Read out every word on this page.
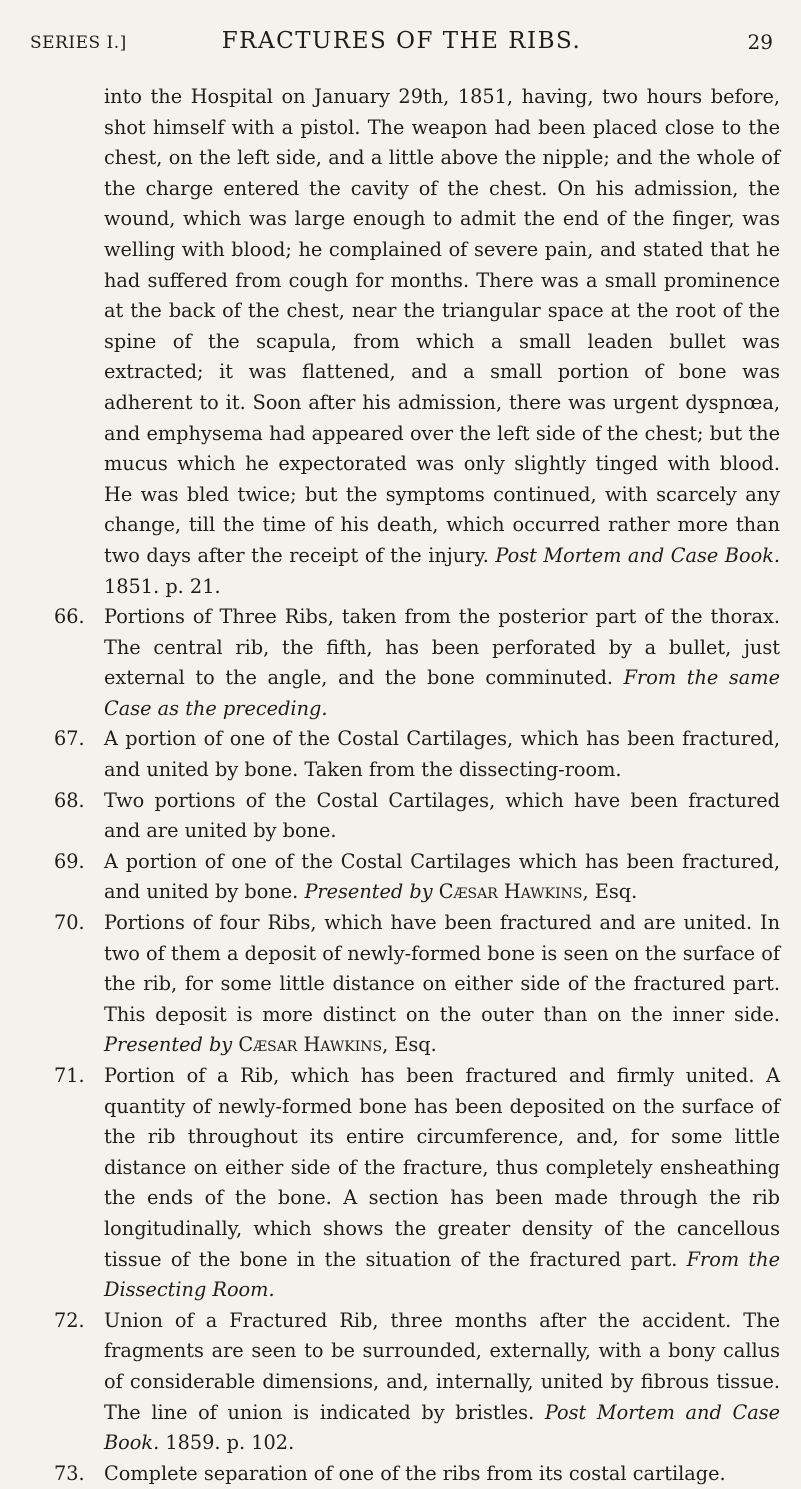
SERIES I.]	FRACTURES OF THE RIBS.	29

into the Hospital on January 29th, 1851, having, two hours before, shot himself with a pistol. The weapon had been placed close to the chest, on the left side, and a little above the nipple; and the whole of the charge entered the cavity of the chest. On his admission, the wound, which was large enough to admit the end of the finger, was welling with blood; he complained of severe pain, and stated that he had suffered from cough for months. There was a small prominence at the back of the chest, near the triangular space at the root of the spine of the scapula, from which a small leaden bullet was extracted; it was flattened, and a small portion of bone was adherent to it. Soon after his admission, there was urgent dyspnœa, and emphysema had appeared over the left side of the chest; but the mucus which he expectorated was only slightly tinged with blood. He was bled twice; but the symptoms continued, with scarcely any change, till the time of his death, which occurred rather more than two days after the receipt of the injury. Post Mortem and Case Book. 1851. p. 21.

66. Portions of Three Ribs, taken from the posterior part of the thorax. The central rib, the fifth, has been perforated by a bullet, just external to the angle, and the bone comminuted. From the same Case as the preceding.

67. A portion of one of the Costal Cartilages, which has been fractured, and united by bone. Taken from the dissecting-room.

68. Two portions of the Costal Cartilages, which have been fractured and are united by bone.

69. A portion of one of the Costal Cartilages which has been fractured, and united by bone. Presented by Cæsar Hawkins, Esq.

70. Portions of four Ribs, which have been fractured and are united. In two of them a deposit of newly-formed bone is seen on the surface of the rib, for some little distance on either side of the fractured part. This deposit is more distinct on the outer than on the inner side. Presented by Cæsar Hawkins, Esq.

71. Portion of a Rib, which has been fractured and firmly united. A quantity of newly-formed bone has been deposited on the surface of the rib throughout its entire circumference, and, for some little distance on either side of the fracture, thus completely ensheathing the ends of the bone. A section has been made through the rib longitudinally, which shows the greater density of the cancellous tissue of the bone in the situation of the fractured part. From the Dissecting Room.

72. Union of a Fractured Rib, three months after the accident. The fragments are seen to be surrounded, externally, with a bony callus of considerable dimensions, and, internally, united by fibrous tissue. The line of union is indicated by bristles. Post Mortem and Case Book. 1859. p. 102.

73. Complete separation of one of the ribs from its costal cartilage.
